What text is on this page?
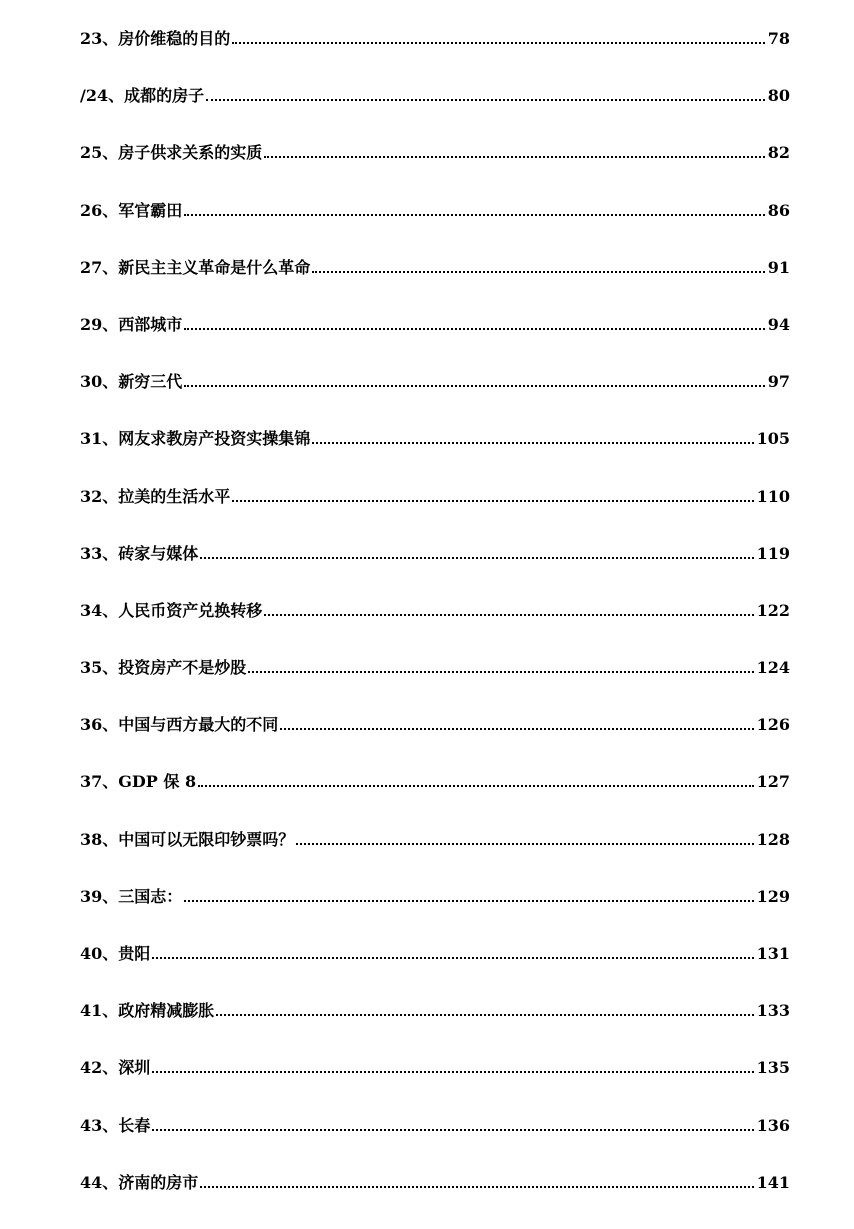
23、房价维稳的目的	78
/24、成都的房子	80
25、房子供求关系的实质	82
26、军官霸田	86
27、新民主主义革命是什么革命	91
29、西部城市	94
30、新穷三代	97
31、网友求教房产投资实操集锦	105
32、拉美的生活水平	110
33、砖家与媒体	119
34、人民币资产兑换转移	122
35、投资房产不是炒股	124
36、中国与西方最大的不同	126
37、GDP 保 8	127
38、中国可以无限印钞票吗？	128
39、三国志：	129
40、贵阳	131
41、政府精减膨胀	133
42、深圳	135
43、长春	136
44、济南的房市	141
